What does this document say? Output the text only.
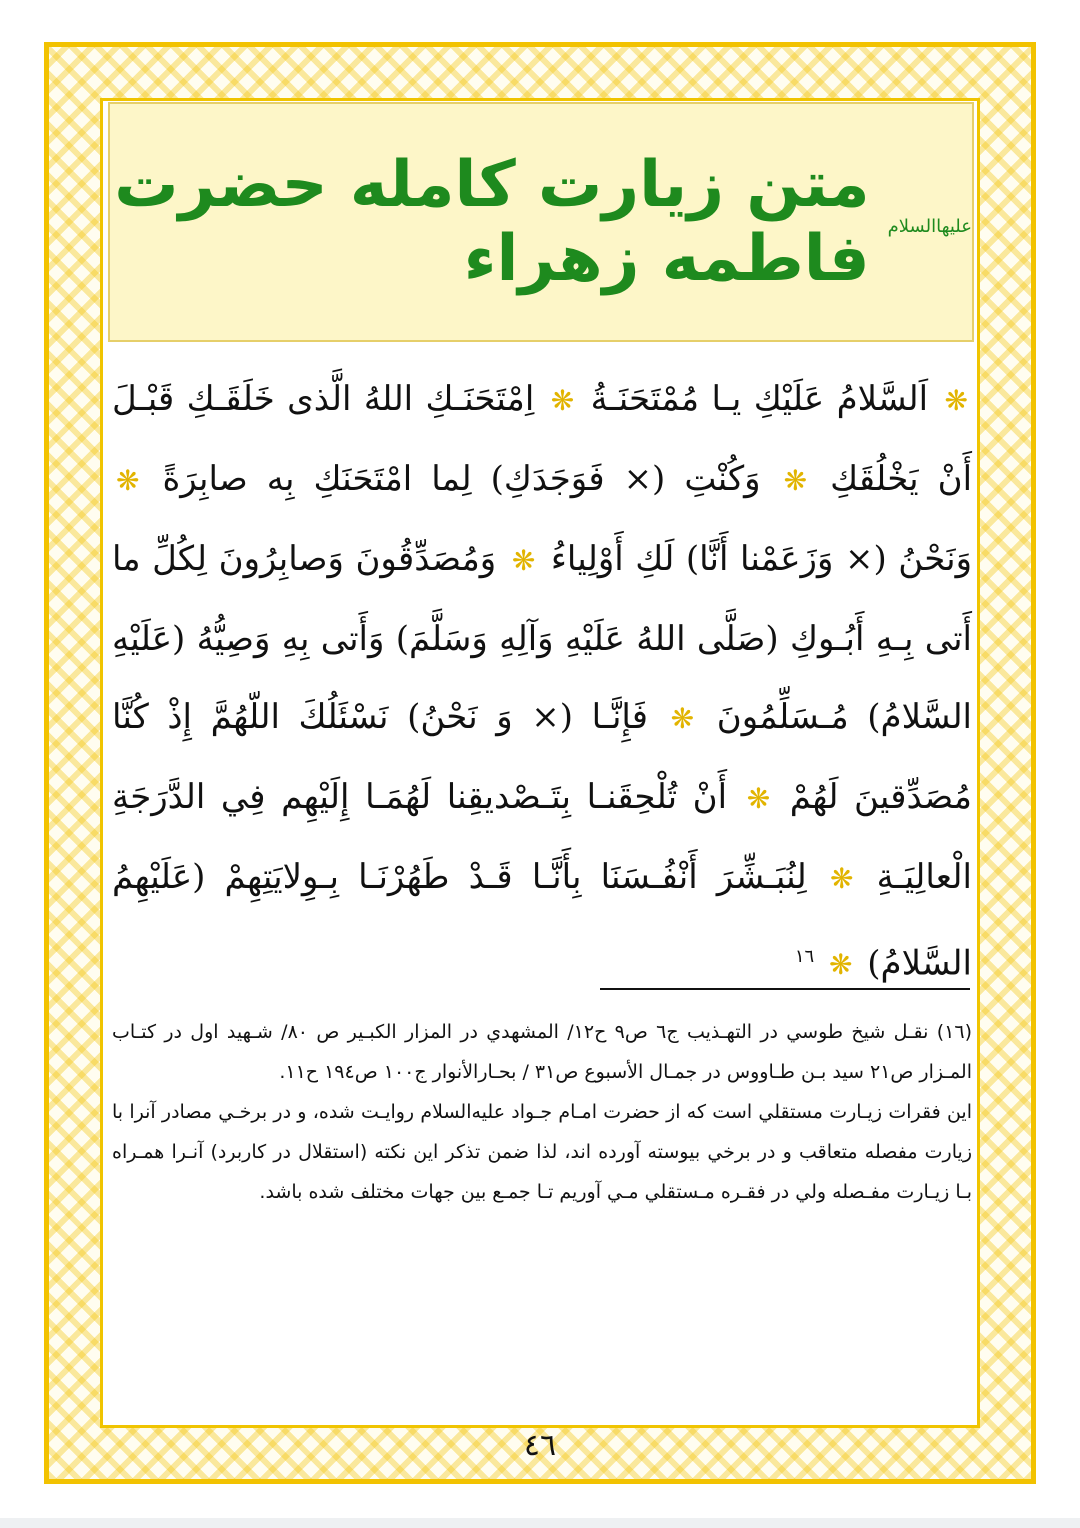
متن زیارت کامله حضرت فاطمه زهراء علیهاالسلام
❋ اَلسَّلامُ عَلَيْكِ يـا مُمْتَحَنَـةُ ❋ اِمْتَحَنَـكِ اللهُ الَّذى خَلَقَـكِ قَبْـلَ أَنْ يَخْلُقَكِ ❋ وَكُنْتِ (× فَوَجَدَكِ) لِما امْتَحَنَكِ بِه صابِرَةً ❋ وَنَحْنُ (× وَزَعَمْنا أَنَّا) لَكِ أَوْلِياءُ ❋ وَمُصَدِّقُونَ وَصابِرُونَ لِكُلِّ ما أَتى بِـهِ أَبُـوكِ (صَلَّى اللهُ عَلَيْهِ وَآلِهِ وَسَلَّمَ) وَأَتى بِهِ وَصِيُّهُ (عَلَيْهِ السَّلامُ) مُـسَلِّمُونَ ❋ فَإِنَّـا (× وَ نَحْنُ) نَسْئَلُكَ اللّهُمَّ إِذْ كُنَّا مُصَدِّقينَ لَهُمْ ❋ أَنْ تُلْحِقَنـا بِتَـصْديقِنا لَهُمَـا إِلَيْهِم فِي الدَّرَجَةِ الْعالِيَـةِ ❋ لِنُبَـشِّرَ أَنْفُـسَنَا بِأَنَّـا قَـدْ طَهُرْنَـا بِـوِلايَتِهِمْ (عَلَيْهِمُ السَّلامُ) ❋ $^{١٦}$

(١٦) نقـل شيخ طوسي در التهـذيب ج٦ ص٩ ح١٢/ المشهدي در المزار الكبـير ص ٨٠/ شـهيد اول در كتـاب المـزار ص٢١ سيد بـن طـاووس در جمـال الأسبوع ص٣١ / بحـارالأنوار ج١٠٠ ص١٩٤ ح١١.

اين فقرات زيـارت مستقلي است كه از حضرت امـام جـواد عليه‌السلام روايـت شده، و در برخـي مصادر آنرا با زيارت مفصله متعاقب و در برخي بيوسته آورده اند، لذا ضمن تذكر اين نكته (استقلال در كاربرد) آنـرا همـراه بـا زيـارت مفـصله ولي در فقـره مـستقلي مـي آوريم تـا جمـع بين جهات مختلف شده باشد.

٤٦
